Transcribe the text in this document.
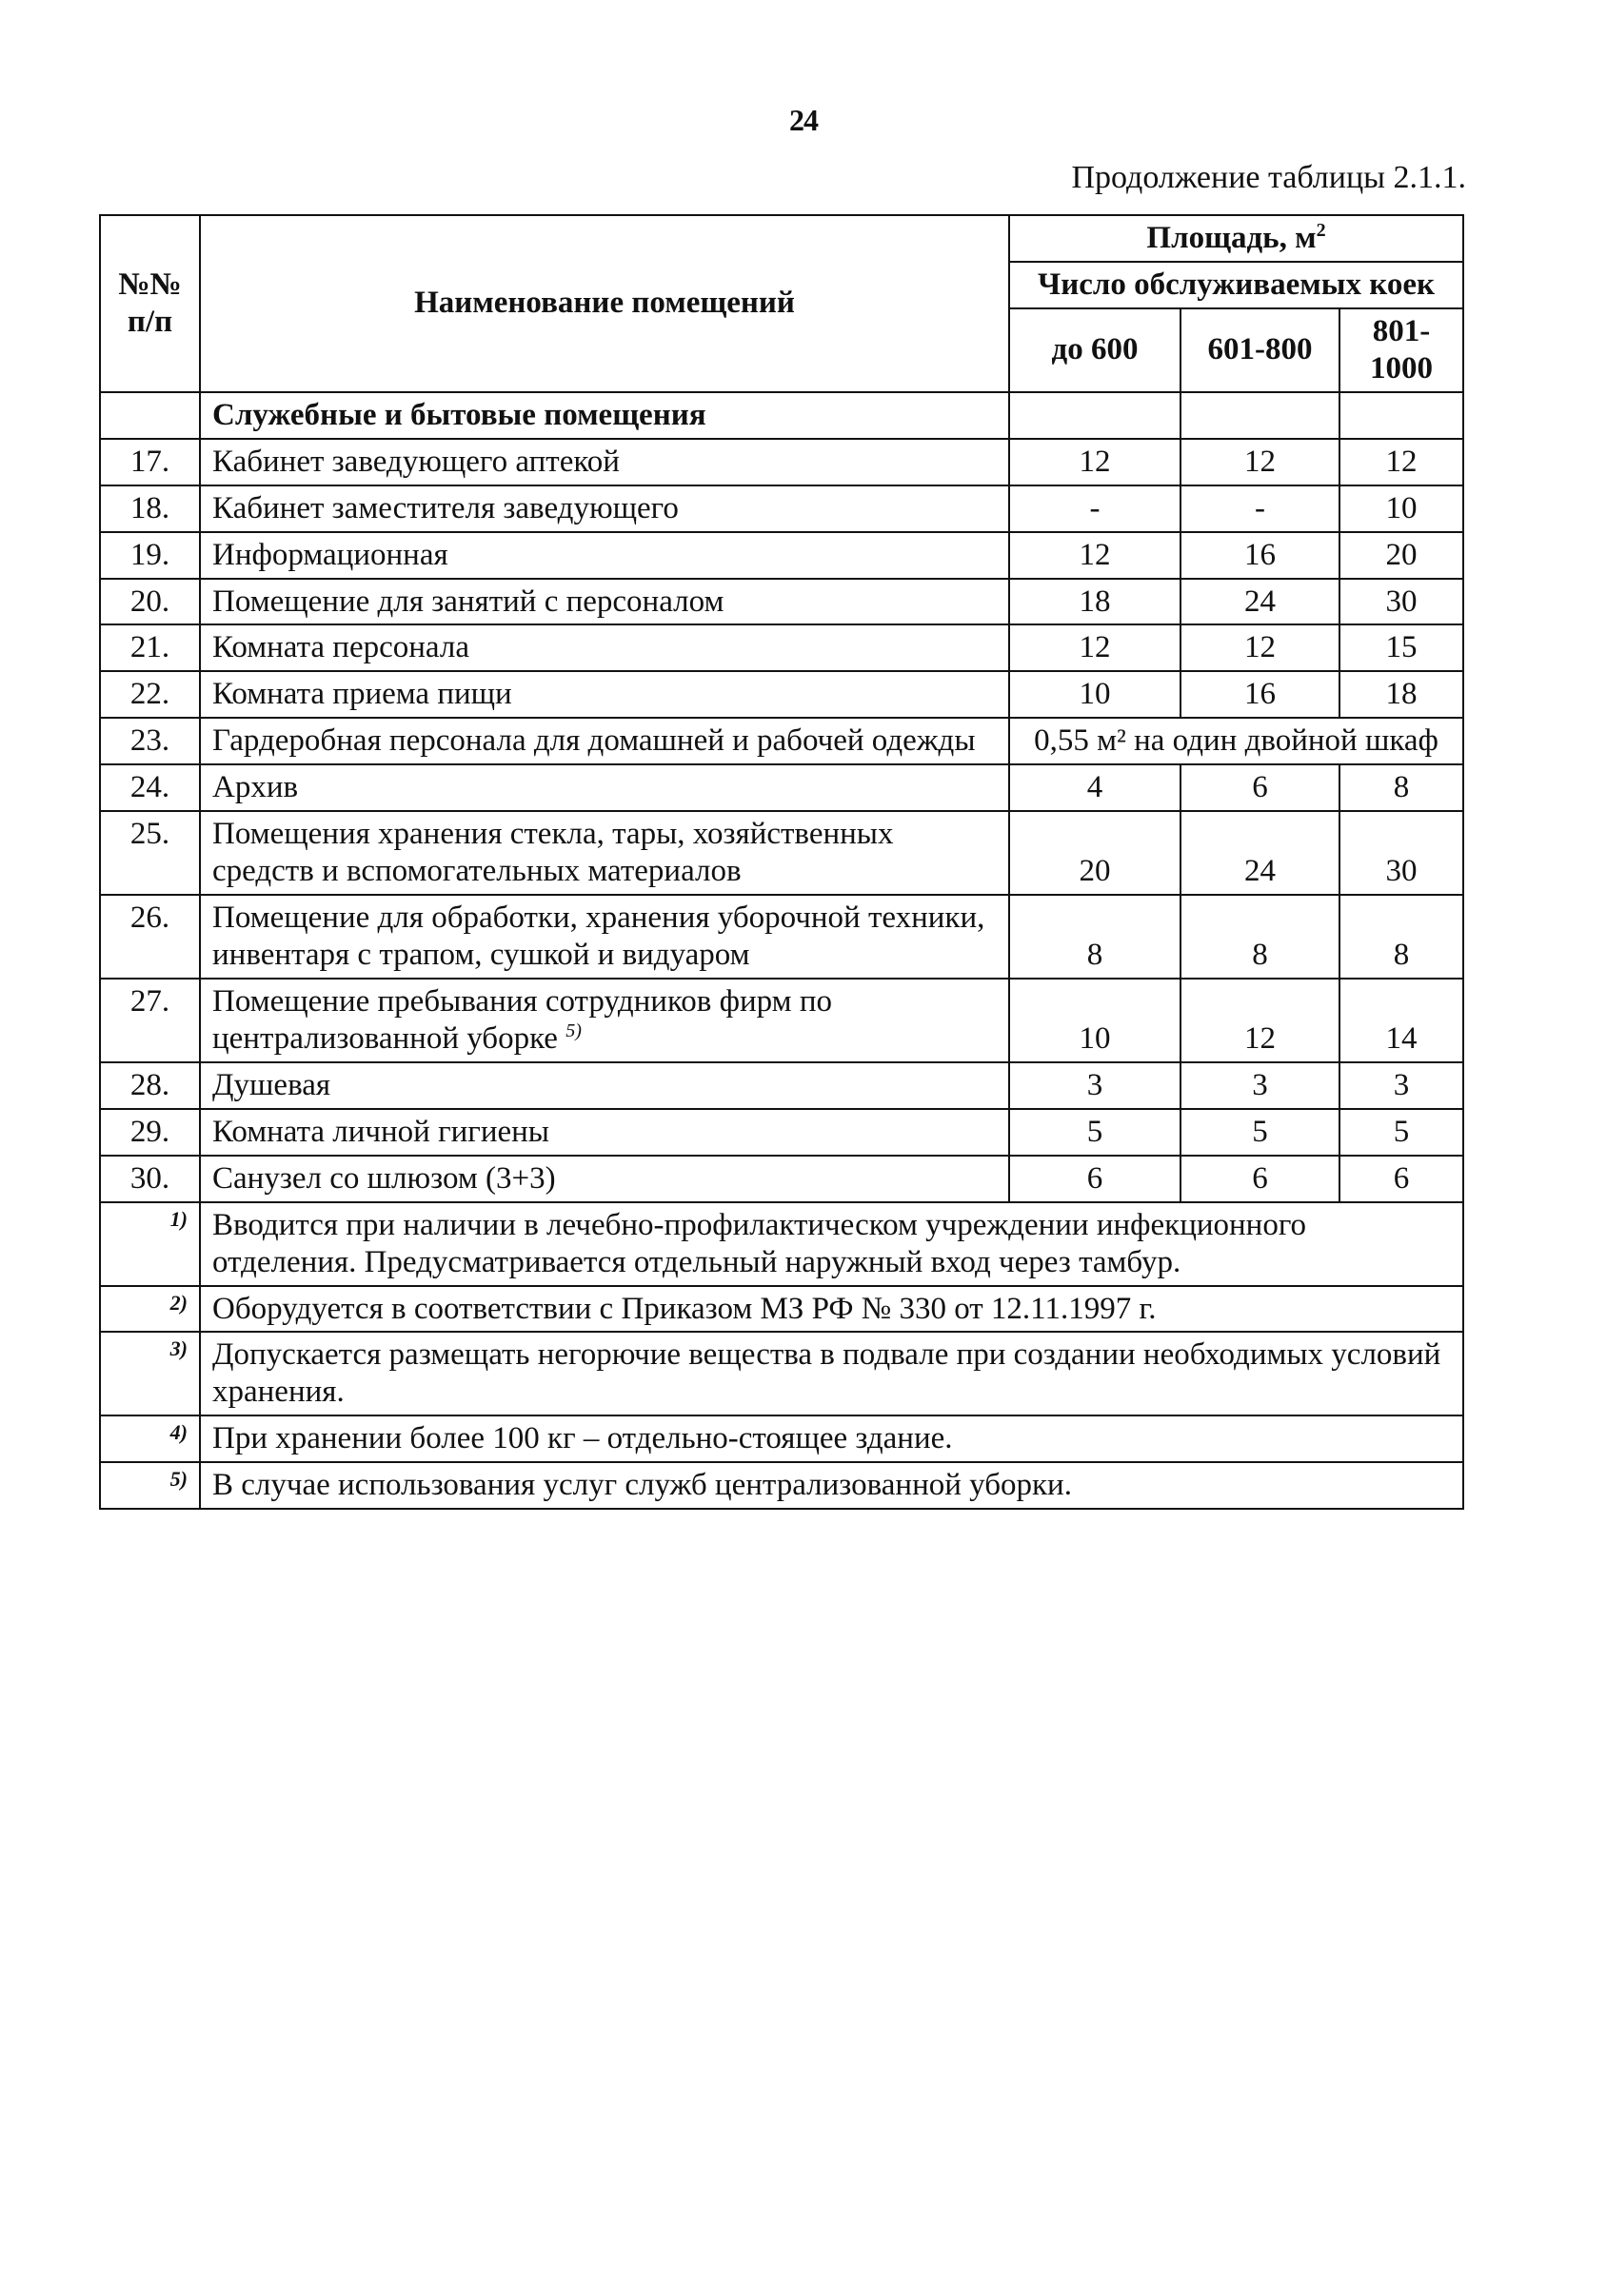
24
Продолжение таблицы 2.1.1.
№№ п/п	Наименование помещений	Площадь, $м^2$
		Число обслуживаемых коек		
		до 600	601-800	801-1000
	Служебные и бытовые помещения			
17.	Кабинет заведующего аптекой	12	12	12
18.	Кабинет заместителя заведующего	-	-	10
19.	Информационная	12	16	20
20.	Помещение для занятий с персоналом	18	24	30
21.	Комната персонала	12	12	15
22.	Комната приема пищи	10	16	18
23.	Гардеробная персонала для домашней и рабочей одежды	0,55 м² на один двойной шкаф		
24.	Архив	4	6	8
25.	Помещения хранения стекла, тары, хозяйственных средств и вспомогательных материалов	20	24	30
26.	Помещение для обработки, хранения уборочной техники, инвентаря с трапом, сушкой и видуаром	8	8	8
27.	Помещение пребывания сотрудников фирм по централизованной уборке $^{5)}$	10	12	14
28.	Душевая	3	3	3
29.	Комната личной гигиены	5	5	5
30.	Санузел со шлюзом (3+3)	6	6	6
1)	Вводится при наличии в лечебно-профилактическом учреждении инфекционного отделения. Предусматривается отдельный наружный вход через тамбур.			
2)	Оборудуется в соответствии с Приказом МЗ РФ № 330 от 12.11.1997 г.			
3)	Допускается размещать негорючие вещества в подвале при создании необходимых условий хранения.			
4)	При хранении более 100 кг – отдельно-стоящее здание.			
5)	В случае использования услуг служб централизованной уборки.			
